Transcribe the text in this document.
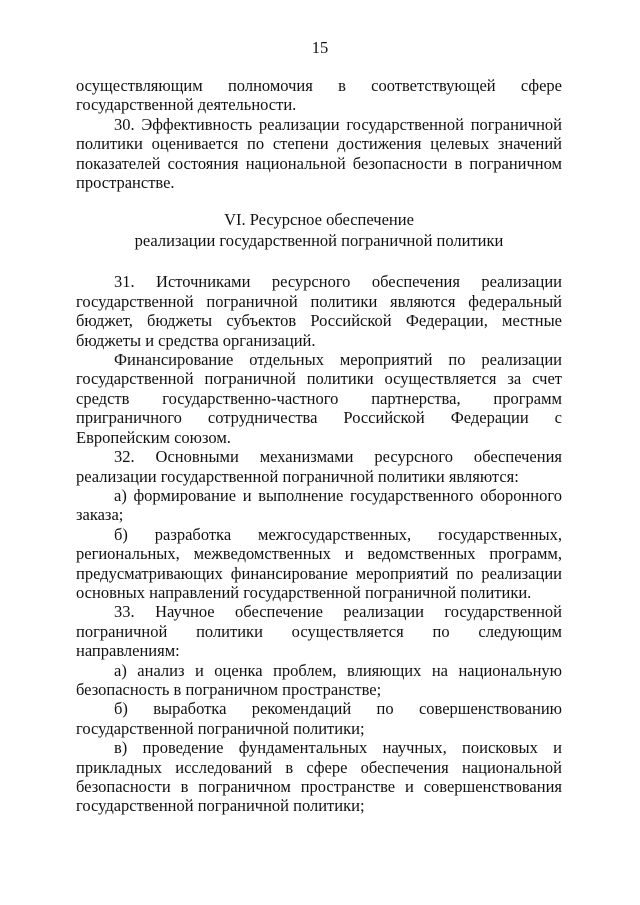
15

осуществляющим полномочия в соответствующей сфере государственной деятельности.

30. Эффективность реализации государственной пограничной политики оценивается по степени достижения целевых значений показателей состояния национальной безопасности в пограничном пространстве.

VI. Ресурсное обеспечение
реализации государственной пограничной политики

31. Источниками ресурсного обеспечения реализации государственной пограничной политики являются федеральный бюджет, бюджеты субъектов Российской Федерации, местные бюджеты и средства организаций.

Финансирование отдельных мероприятий по реализации государственной пограничной политики осуществляется за счет средств государственно-частного партнерства, программ приграничного сотрудничества Российской Федерации с Европейским союзом.

32. Основными механизмами ресурсного обеспечения реализации государственной пограничной политики являются:

а) формирование и выполнение государственного оборонного заказа;

б) разработка межгосударственных, государственных, региональных, межведомственных и ведомственных программ, предусматривающих финансирование мероприятий по реализации основных направлений государственной пограничной политики.

33. Научное обеспечение реализации государственной пограничной политики осуществляется по следующим направлениям:

а) анализ и оценка проблем, влияющих на национальную безопасность в пограничном пространстве;

б) выработка рекомендаций по совершенствованию государственной пограничной политики;

в) проведение фундаментальных научных, поисковых и прикладных исследований в сфере обеспечения национальной безопасности в пограничном пространстве и совершенствования государственной пограничной политики;
